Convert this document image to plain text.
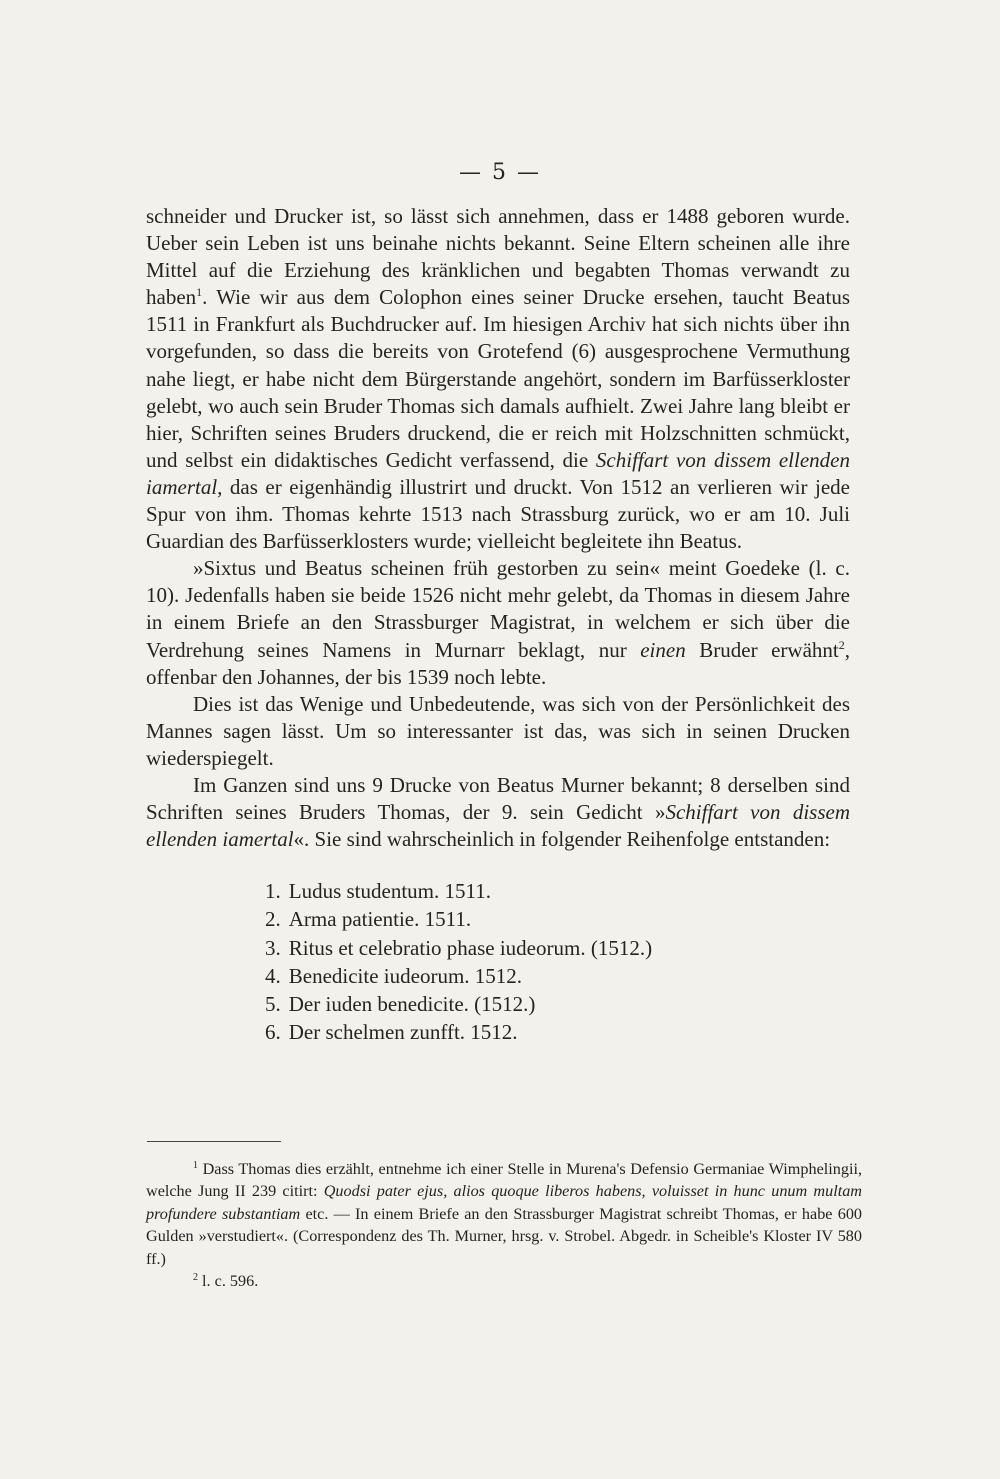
— 5 —

schneider und Drucker ist, so lässt sich annehmen, dass er 1488 geboren wurde. Ueber sein Leben ist uns beinahe nichts bekannt. Seine Eltern scheinen alle ihre Mittel auf die Erziehung des kränklichen und begabten Thomas verwandt zu haben$^1$. Wie wir aus dem Colophon eines seiner Drucke ersehen, taucht Beatus 1511 in Frankfurt als Buchdrucker auf. Im hiesigen Archiv hat sich nichts über ihn vorgefunden, so dass die bereits von Grotefend (6) ausgesprochene Vermuthung nahe liegt, er habe nicht dem Bürgerstande angehört, sondern im Barfüsserkloster gelebt, wo auch sein Bruder Thomas sich damals aufhielt. Zwei Jahre lang bleibt er hier, Schriften seines Bruders druckend, die er reich mit Holzschnitten schmückt, und selbst ein didaktisches Gedicht verfassend, die Schiffart von dissem ellenden iamertal, das er eigenhändig illustrirt und druckt. Von 1512 an verlieren wir jede Spur von ihm. Thomas kehrte 1513 nach Strassburg zurück, wo er am 10. Juli Guardian des Barfüsserklosters wurde; vielleicht begleitete ihn Beatus.

»Sixtus und Beatus scheinen früh gestorben zu sein« meint Goedeke (l. c. 10). Jedenfalls haben sie beide 1526 nicht mehr gelebt, da Thomas in diesem Jahre in einem Briefe an den Strassburger Magistrat, in welchem er sich über die Verdrehung seines Namens in Murnarr beklagt, nur einen Bruder erwähnt$^2$, offenbar den Johannes, der bis 1539 noch lebte.

Dies ist das Wenige und Unbedeutende, was sich von der Persönlichkeit des Mannes sagen lässt. Um so interessanter ist das, was sich in seinen Drucken wiederspiegelt.

Im Ganzen sind uns 9 Drucke von Beatus Murner bekannt; 8 derselben sind Schriften seines Bruders Thomas, der 9. sein Gedicht »Schiffart von dissem ellenden iamertal«. Sie sind wahrscheinlich in folgender Reihenfolge entstanden:

1. Ludus studentum. 1511.
2. Arma patientie. 1511.
3. Ritus et celebratio phase iudeorum. (1512.)
4. Benedicite iudeorum. 1512.
5. Der iuden benedicite. (1512.)
6. Der schelmen zunfft. 1512.

$^1$ Dass Thomas dies erzählt, entnehme ich einer Stelle in Murena's Defensio Germaniae Wimphelingii, welche Jung II 239 citirt: Quodsi pater ejus, alios quoque liberos habens, voluisset in hunc unum multam profundere substantiam etc. — In einem Briefe an den Strassburger Magistrat schreibt Thomas, er habe 600 Gulden »verstudiert«. (Correspondenz des Th. Murner, hrsg. v. Strobel. Abgedr. in Scheible's Kloster IV 580 ff.)

$^2$ l. c. 596.
